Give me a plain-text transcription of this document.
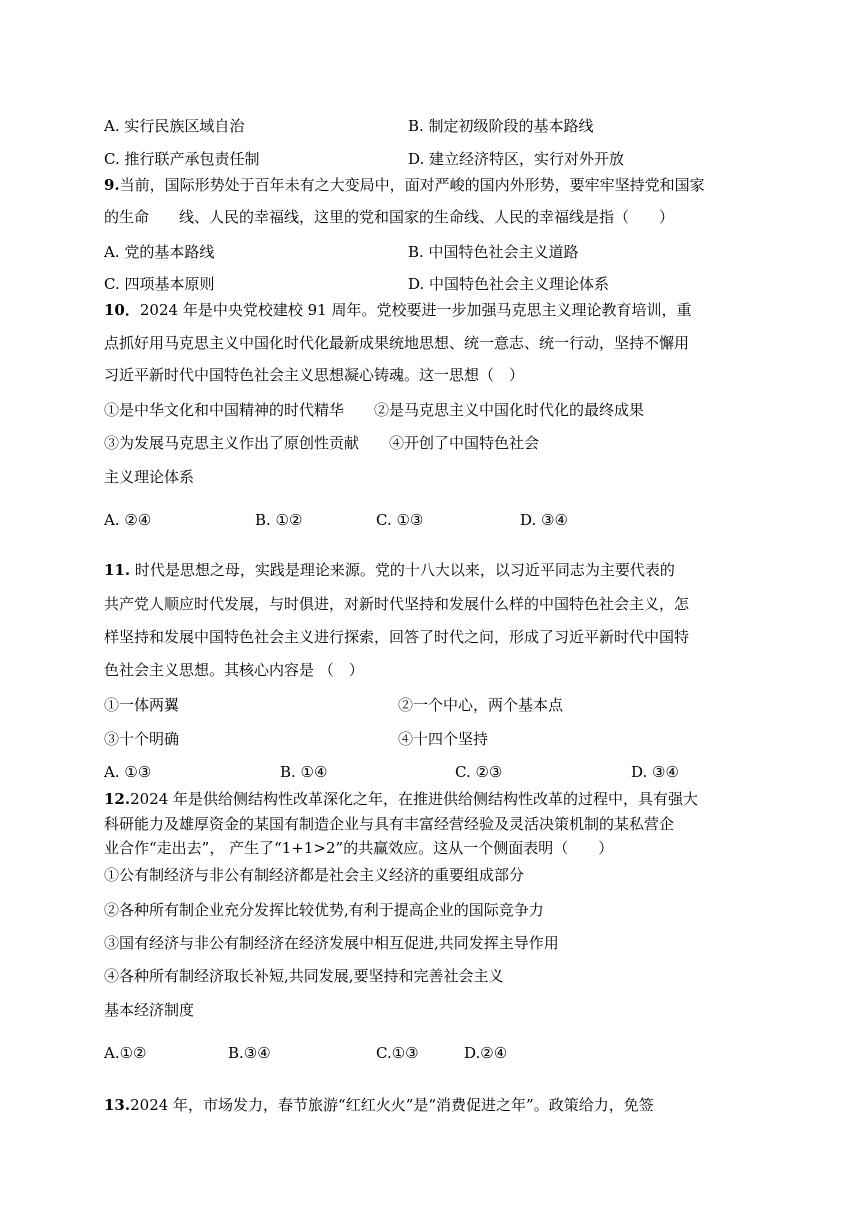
A. 实行民族区域自治	B. 制定初级阶段的基本路线
C. 推行联产承包责任制	D. 建立经济特区，实行对外开放
9.当前，国际形势处于百年未有之大变局中，面对严峻的国内外形势，要牢牢坚持党和国家
的生命　　线、人民的幸福线，这里的党和国家的生命线、人民的幸福线是指（　　）
A. 党的基本路线	B. 中国特色社会主义道路
C. 四项基本原则	D. 中国特色社会主义理论体系
10．2024 年是中央党校建校 91 周年。党校要进一步加强马克思主义理论教育培训，重
点抓好用马克思主义中国化时代化最新成果统地思想、统一意志、统一行动，坚持不懈用
习近平新时代中国特色社会主义思想凝心铸魂。这一思想（　）
①是中华文化和中国精神的时代精华　　②是马克思主义中国化时代化的最终成果
③为发展马克思主义作出了原创性贡献　　④开创了中国特色社会
主义理论体系
A. ②④	B. ①②	C. ①③	D. ③④
11. 时代是思想之母，实践是理论来源。党的十八大以来，以习近平同志为主要代表的
共产党人顺应时代发展，与时俱进，对新时代坚持和发展什么样的中国特色社会主义，怎
样坚持和发展中国特色社会主义进行探索，回答了时代之问，形成了习近平新时代中国特
色社会主义思想。其核心内容是 （　）
①一体两翼	②一个中心，两个基本点
③十个明确	④十四个坚持
A. ①③	B. ①④	C. ②③	D. ③④
12.2024 年是供给侧结构性改革深化之年，在推进供给侧结构性改革的过程中，具有强大
科研能力及雄厚资金的某国有制造企业与具有丰富经营经验及灵活决策机制的某私营企
业合作“走出去”， 产生了“1+1>2”的共赢效应。这从一个侧面表明（　　）
①公有制经济与非公有制经济都是社会主义经济的重要组成部分
②各种所有制企业充分发挥比较优势,有利于提高企业的国际竞争力
③国有经济与非公有制经济在经济发展中相互促进,共同发挥主导作用
④各种所有制经济取长补短,共同发展,要坚持和完善社会主义
基本经济制度
A.①②	B.③④	C.①③	D.②④
13.2024 年，市场发力，春节旅游“红红火火”是“消费促进之年”。政策给力，免签
